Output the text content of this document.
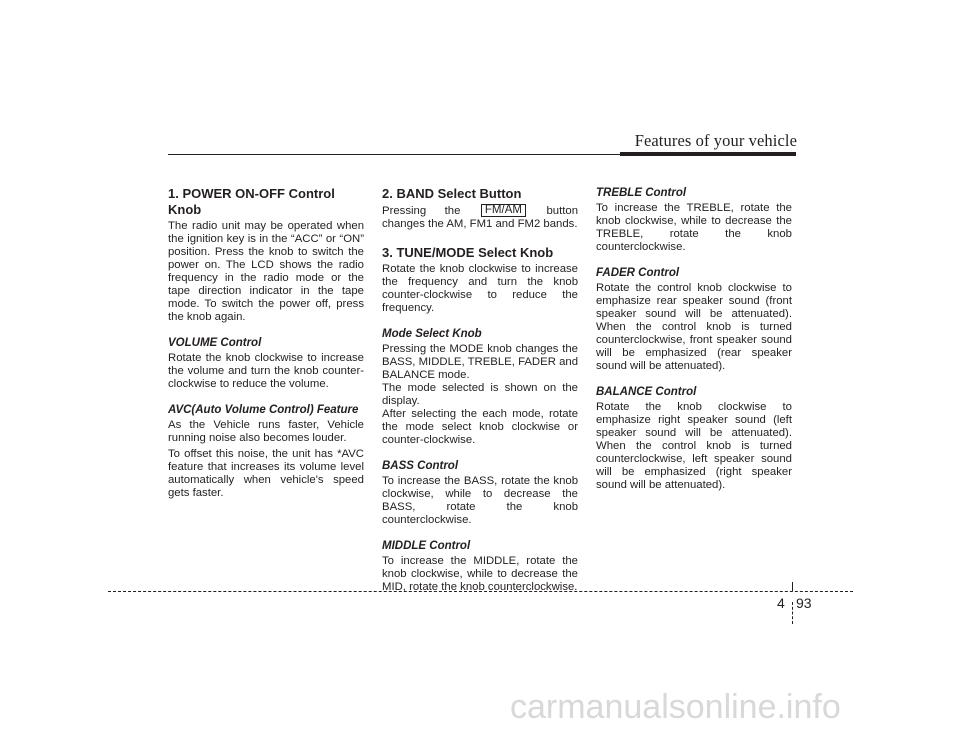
Features of your vehicle
1. POWER ON-OFF Control Knob

The radio unit may be operated when the ignition key is in the “ACC” or “ON” position. Press the knob to switch the power on. The LCD shows the radio frequency in the radio mode or the tape direction indicator in the tape mode. To switch the power off, press the knob again.

VOLUME Control

Rotate the knob clockwise to increase the volume and turn the knob counter-clockwise to reduce the volume.

AVC(Auto Volume Control) Feature

As the Vehicle runs faster, Vehicle running noise also becomes louder.

To offset this noise, the unit has *AVC feature that increases its volume level automatically when vehicle's speed gets faster.

2. BAND Select Button

Pressing the FM/AM button changes the AM, FM1 and FM2 bands.

3. TUNE/MODE Select Knob

Rotate the knob clockwise to increase the frequency and turn the knob counter-clockwise to reduce the frequency.

Mode Select Knob

Pressing the MODE knob changes the BASS, MIDDLE, TREBLE, FADER and BALANCE mode.

The mode selected is shown on the display.

After selecting the each mode, rotate the mode select knob clockwise or counter-clockwise.

BASS Control

To increase the BASS, rotate the knob clockwise, while to decrease the BASS, rotate the knob counterclockwise.

MIDDLE Control

To increase the MIDDLE, rotate the knob clockwise, while to decrease the MID, rotate the knob counterclockwise.

TREBLE Control

To increase the TREBLE, rotate the knob clockwise, while to decrease the TREBLE, rotate the knob counterclockwise.

FADER Control

Rotate the control knob clockwise to emphasize rear speaker sound (front speaker sound will be attenuated). When the control knob is turned counterclockwise, front speaker sound will be emphasized (rear speaker sound will be attenuated).

BALANCE Control

Rotate the knob clockwise to emphasize right speaker sound (left speaker sound will be attenuated). When the control knob is turned counterclockwise, left speaker sound will be emphasized (right speaker sound will be attenuated).

4 93
carmanualsonline.info
